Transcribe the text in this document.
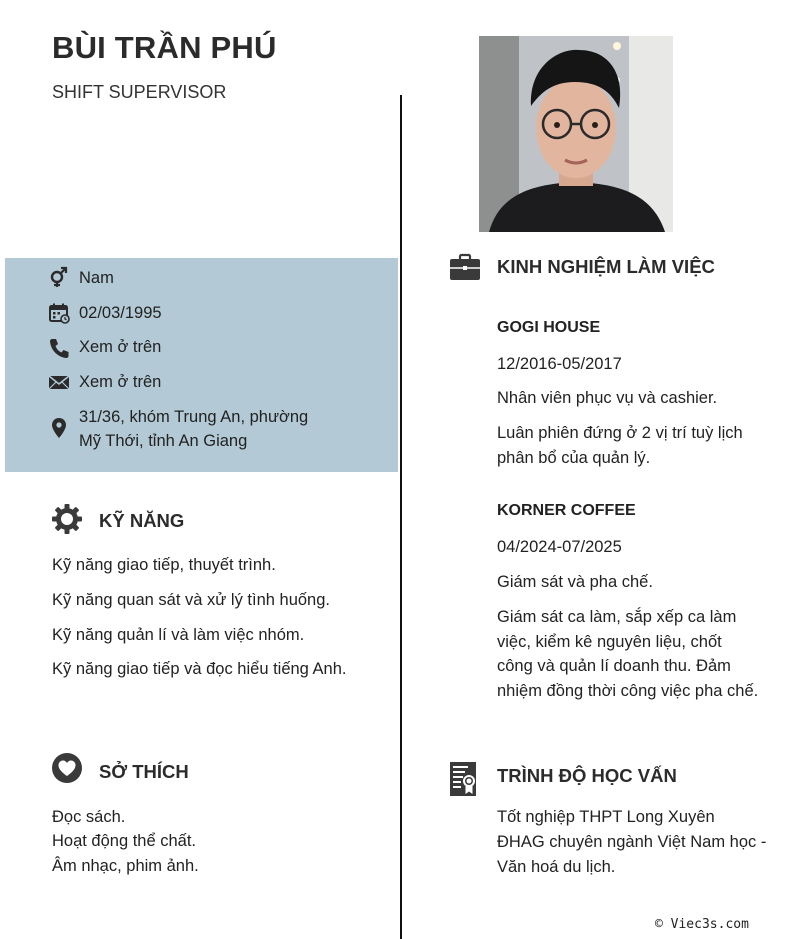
BÙI TRẦN PHÚ
SHIFT SUPERVISOR
Nam
02/03/1995
Xem ở trên
Xem ở trên
31/36, khóm Trung An, phường
Mỹ Thới, tỉnh An Giang
KỸ NĂNG
Kỹ năng giao tiếp, thuyết trình.
Kỹ năng quan sát và xử lý tình huống.
Kỹ năng quản lí và làm việc nhóm.
Kỹ năng giao tiếp và đọc hiểu tiếng Anh.
SỞ THÍCH
Đọc sách.
Hoạt động thể chất.
Âm nhạc, phim ảnh.
KINH NGHIỆM LÀM VIỆC
GOGI HOUSE
12/2016-05/2017
Nhân viên phục vụ và cashier.
Luân phiên đứng ở 2 vị trí tuỳ lịch phân bổ của quản lý.
KORNER COFFEE
04/2024-07/2025
Giám sát và pha chế.
Giám sát ca làm, sắp xếp ca làm việc, kiểm kê nguyên liệu, chốt công và quản lí doanh thu. Đảm nhiệm đồng thời công việc pha chế.
TRÌNH ĐỘ HỌC VẤN
Tốt nghiệp THPT Long Xuyên
ĐHAG chuyên ngành Việt Nam học - Văn hoá du lịch.
© Viec3s.com
